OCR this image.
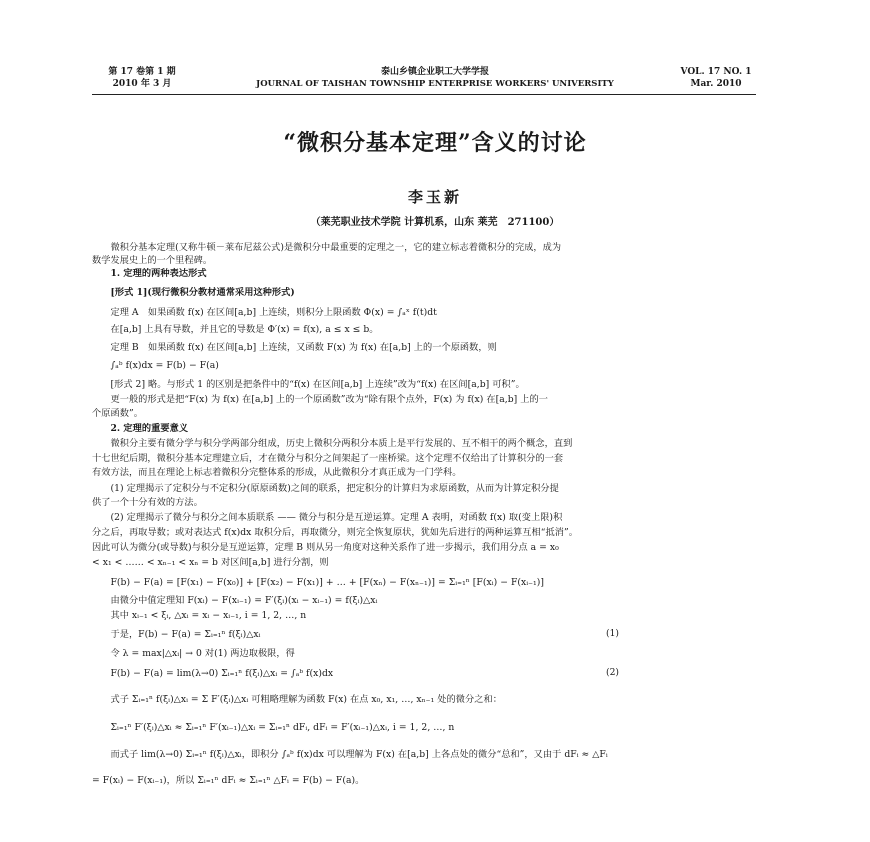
第 17 卷第 1 期
2010 年 3 月
泰山乡镇企业职工大学学报
JOURNAL OF TAISHAN TOWNSHIP ENTERPRISE WORKERS' UNIVERSITY
VOL. 17 NO. 1
Mar. 2010
“微积分基本定理”含义的讨论
李玉新
（莱芜职业技术学院 计算机系，山东 莱芜　271100）
　　微积分基本定理(又称牛顿－莱布尼兹公式)是微积分中最重要的定理之一，它的建立标志着微积分的完成，成为
数学发展史上的一个里程碑。
　　1. 定理的两种表达形式
　　[形式 1](现行微积分教材通常采用这种形式)
　　定理 A　如果函数 f(x) 在区间[a,b] 上连续，则积分上限函数 Φ(x) = ∫ₐˣ f(t)dt
　　在[a,b] 上具有导数，并且它的导数是 Φ′(x) = f(x), a ≤ x ≤ b。
　　定理 B　如果函数 f(x) 在区间[a,b] 上连续，又函数 F(x) 为 f(x) 在[a,b] 上的一个原函数，则
　　∫ₐᵇ f(x)dx = F(b) − F(a)
　　[形式 2] 略。与形式 1 的区别是把条件中的“f(x) 在区间[a,b] 上连续”改为“f(x) 在区间[a,b] 可积”。
　　更一般的形式是把“F(x) 为 f(x) 在[a,b] 上的一个原函数”改为“除有限个点外，F(x) 为 f(x) 在[a,b] 上的一
个原函数”。
　　2. 定理的重要意义
　　微积分主要有微分学与积分学两部分组成，历史上微积分两积分本质上是平行发展的、互不相干的两个概念，直到
十七世纪后期，微积分基本定理建立后，才在微分与积分之间架起了一座桥梁。这个定理不仅给出了计算积分的一套
有效方法，而且在理论上标志着微积分完整体系的形成，从此微积分才真正成为一门学科。
　　(1) 定理揭示了定积分与不定积分(原原函数)之间的联系，把定积分的计算归为求原函数，从而为计算定积分提
供了一个十分有效的方法。
　　(2) 定理揭示了微分与积分之间本质联系 —— 微分与积分是互逆运算。定理 A 表明，对函数 f(x) 取(变上限)积
分之后，再取导数；或对表达式 f(x)dx 取积分后，再取微分，则完全恢复原状，犹如先后进行的两种运算互相“抵消”。
因此可认为微分(或导数)与积分是互逆运算，定理 B 则从另一角度对这种关系作了进一步揭示，我们用分点 a = x₀
< x₁ < …… < xₙ₋₁ < xₙ = b 对区间[a,b] 进行分割，则
　　F(b) − F(a) = [F(x₁) − F(x₀)] + [F(x₂) − F(x₁)] + … + [F(xₙ) − F(xₙ₋₁)] = Σᵢ₌₁ⁿ [F(xᵢ) − F(xᵢ₋₁)]
　　由微分中值定理知 F(xᵢ) − F(xᵢ₋₁) = F′(ξᵢ)(xᵢ − xᵢ₋₁) = f(ξᵢ)△xᵢ
　　其中 xᵢ₋₁ < ξᵢ, △xᵢ = xᵢ − xᵢ₋₁, i = 1, 2, …, n
　　于是，F(b) − F(a) = Σᵢ₌₁ⁿ f(ξᵢ)△xᵢ
　　令 λ = max|△xᵢ| → 0 对(1) 两边取极限，得
　　F(b) − F(a) = lim(λ→0) Σᵢ₌₁ⁿ f(ξᵢ)△xᵢ = ∫ₐᵇ f(x)dx
　　式子 Σᵢ₌₁ⁿ f(ξᵢ)△xᵢ = Σ F′(ξᵢ)△xᵢ 可粗略理解为函数 F(x) 在点 x₀, x₁, …, xₙ₋₁ 处的微分之和：
　　Σᵢ₌₁ⁿ F′(ξᵢ)△xᵢ ≈ Σᵢ₌₁ⁿ F′(xᵢ₋₁)△xᵢ = Σᵢ₌₁ⁿ dFᵢ, dFᵢ = F′(xᵢ₋₁)△xᵢ, i = 1, 2, …, n
　　而式子 lim(λ→0) Σᵢ₌₁ⁿ f(ξᵢ)△xᵢ，即积分 ∫ₐᵇ f(x)dx 可以理解为 F(x) 在[a,b] 上各点处的微分“总和”，又由于 dFᵢ ≈ △Fᵢ
= F(xᵢ) − F(xᵢ₋₁)，所以 Σᵢ₌₁ⁿ dFᵢ ≈ Σᵢ₌₁ⁿ △Fᵢ = F(b) − F(a)。
(1)
(2)
